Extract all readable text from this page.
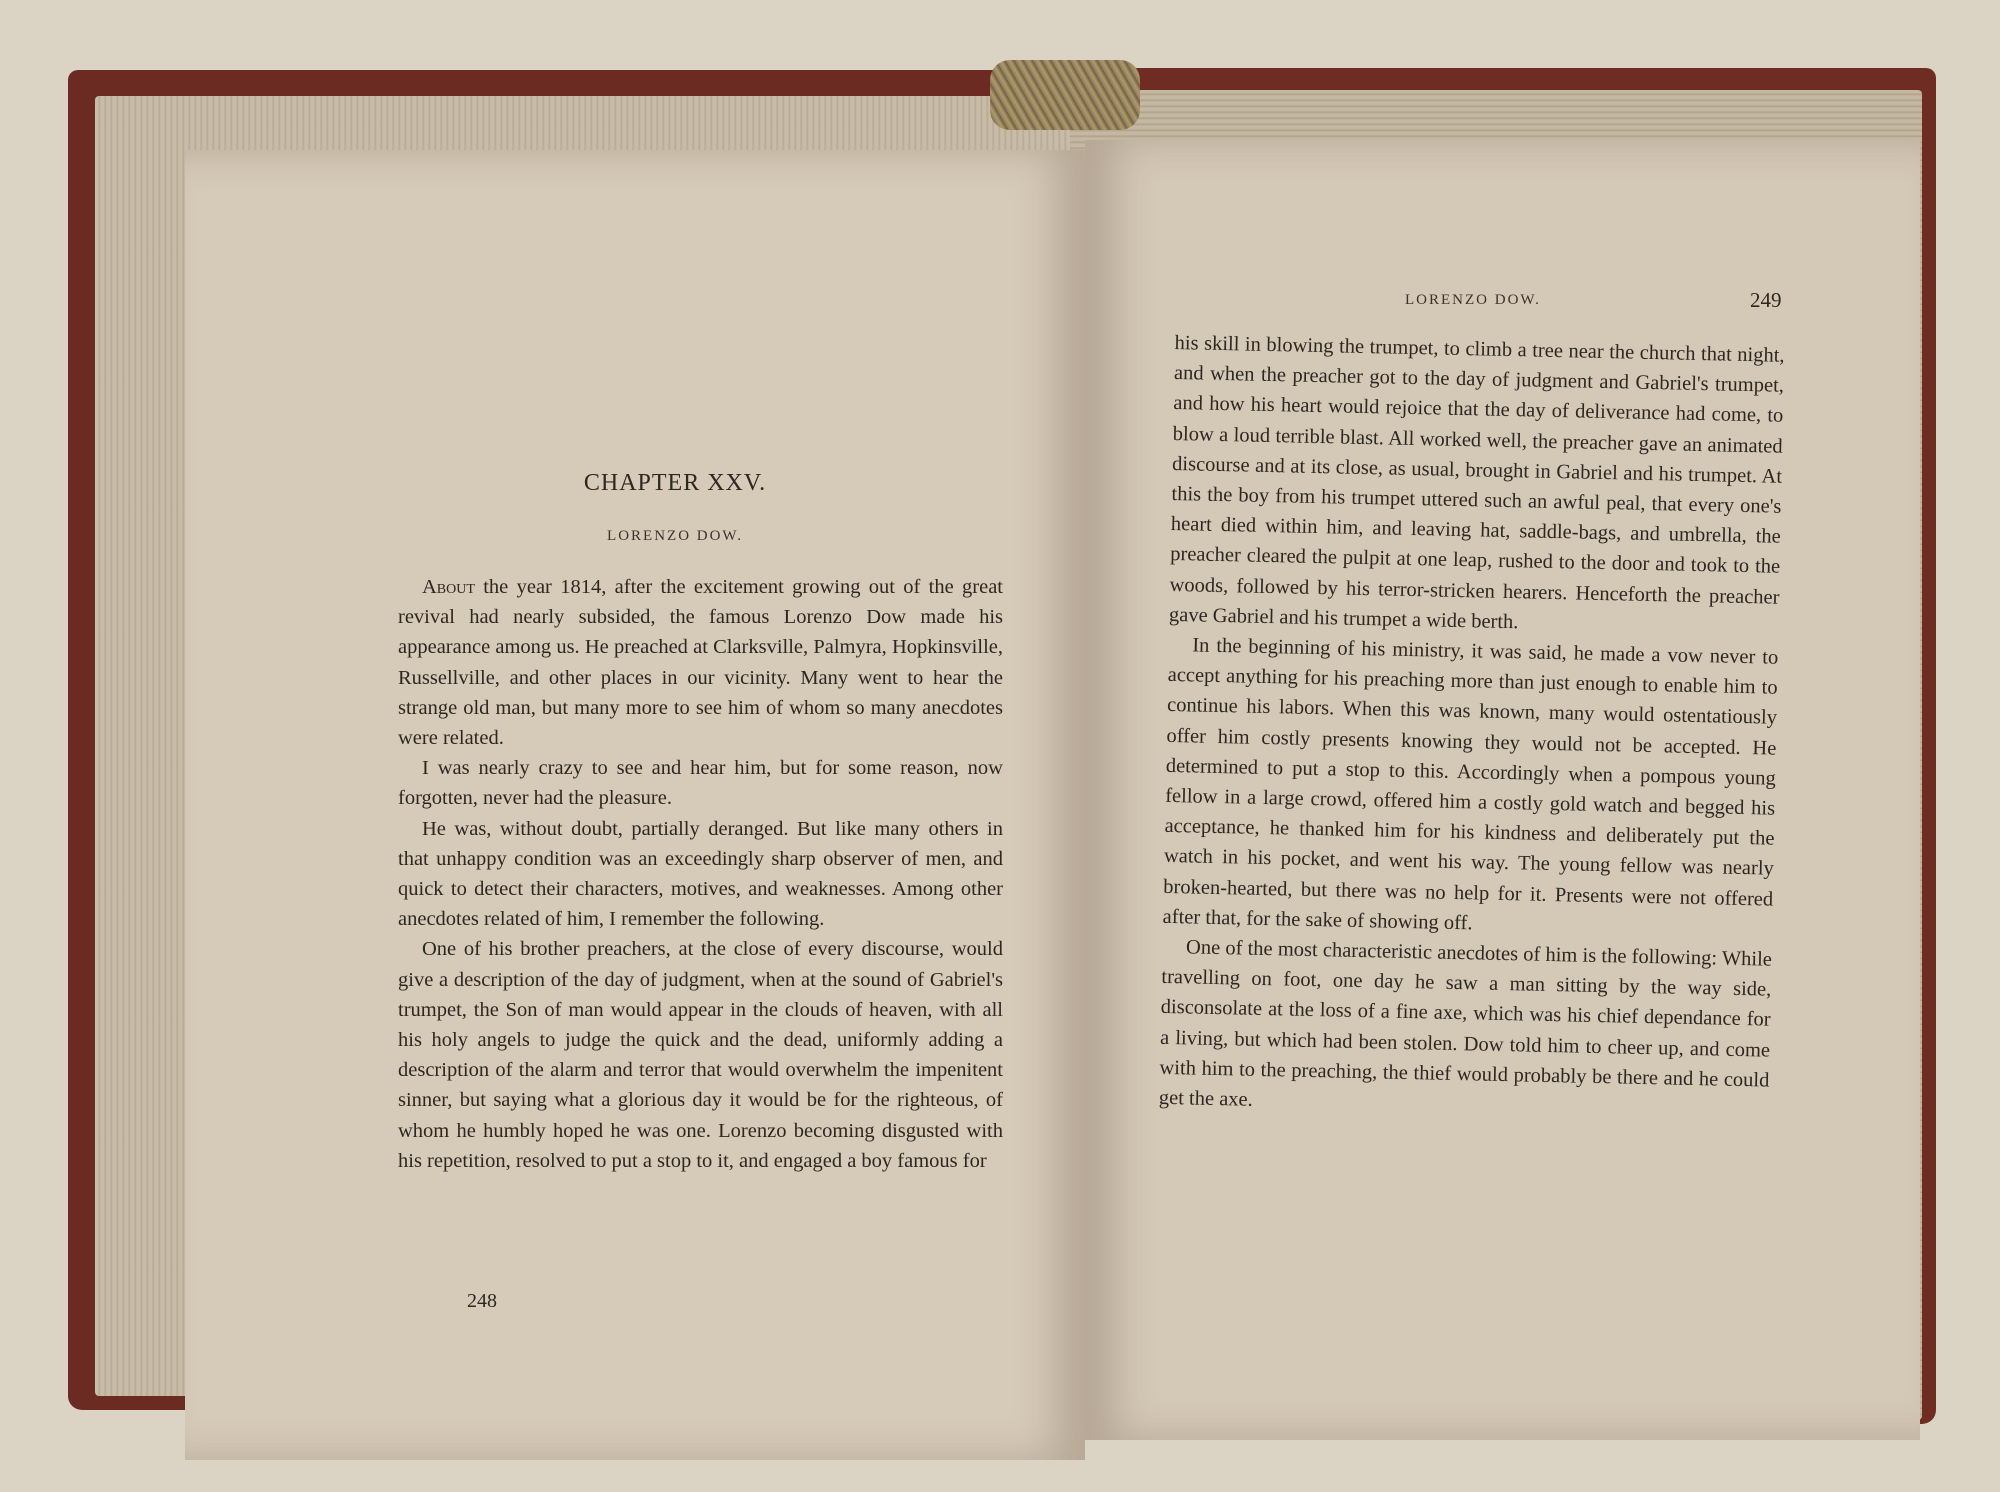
CHAPTER XXV.
LORENZO DOW.

About the year 1814, after the excitement growing out of the great revival had nearly subsided, the famous Lorenzo Dow made his appearance among us. He preached at Clarksville, Palmyra, Hopkinsville, Russellville, and other places in our vicinity. Many went to hear the strange old man, but many more to see him of whom so many anecdotes were related.

I was nearly crazy to see and hear him, but for some reason, now forgotten, never had the pleasure.

He was, without doubt, partially deranged. But like many others in that unhappy condition was an exceedingly sharp observer of men, and quick to detect their characters, motives, and weaknesses. Among other anecdotes related of him, I remember the following.

One of his brother preachers, at the close of every discourse, would give a description of the day of judgment, when at the sound of Gabriel's trumpet, the Son of man would appear in the clouds of heaven, with all his holy angels to judge the quick and the dead, uniformly adding a description of the alarm and terror that would overwhelm the impenitent sinner, but saying what a glorious day it would be for the righteous, of whom he humbly hoped he was one. Lorenzo becoming disgusted with his repetition, resolved to put a stop to it, and engaged a boy famous for

248
LORENZO DOW.	249

his skill in blowing the trumpet, to climb a tree near the church that night, and when the preacher got to the day of judgment and Gabriel's trumpet, and how his heart would rejoice that the day of deliverance had come, to blow a loud terrible blast. All worked well, the preacher gave an animated discourse and at its close, as usual, brought in Gabriel and his trumpet. At this the boy from his trumpet uttered such an awful peal, that every one's heart died within him, and leaving hat, saddle-bags, and umbrella, the preacher cleared the pulpit at one leap, rushed to the door and took to the woods, followed by his terror-stricken hearers. Henceforth the preacher gave Gabriel and his trumpet a wide berth.

In the beginning of his ministry, it was said, he made a vow never to accept anything for his preaching more than just enough to enable him to continue his labors. When this was known, many would ostentatiously offer him costly presents knowing they would not be accepted. He determined to put a stop to this. Accordingly when a pompous young fellow in a large crowd, offered him a costly gold watch and begged his acceptance, he thanked him for his kindness and deliberately put the watch in his pocket, and went his way. The young fellow was nearly broken-hearted, but there was no help for it. Presents were not offered after that, for the sake of showing off.

One of the most characteristic anecdotes of him is the following: While travelling on foot, one day he saw a man sitting by the way side, disconsolate at the loss of a fine axe, which was his chief dependance for a living, but which had been stolen. Dow told him to cheer up, and come with him to the preaching, the thief would probably be there and he could get the axe.
